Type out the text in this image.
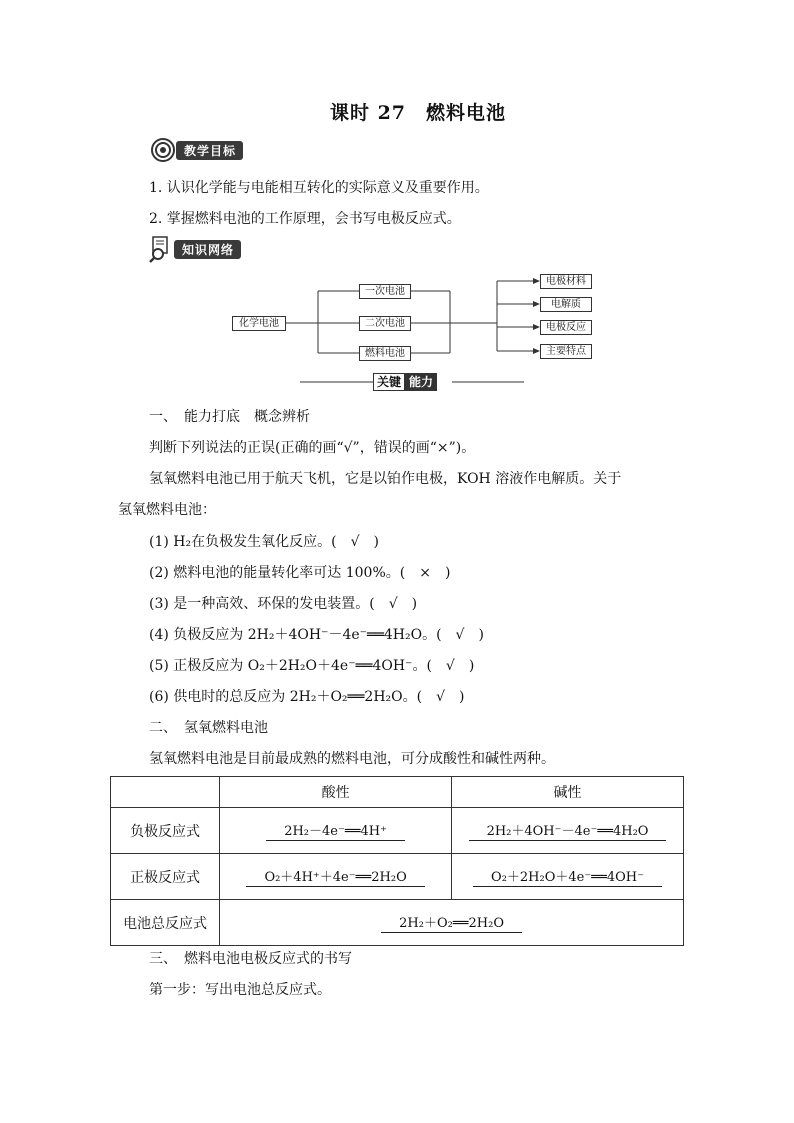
课时 27　燃料电池
教学目标
1. 认识化学能与电能相互转化的实际意义及重要作用。
2. 掌握燃料电池的工作原理，会书写电极反应式。
知识网络
化学电池
一次电池
二次电池
燃料电池
电极材料
电解质
电极反应
主要特点
关键 能力
一、　能力打底　概念辨析
判断下列说法的正误(正确的画“√”，错误的画“×”)。
氢氧燃料电池已用于航天飞机，它是以铂作电极，KOH 溶液作电解质。关于
氢氧燃料电池：
(1) H₂在负极发生氧化反应。(　√　)
(2) 燃料电池的能量转化率可达 100%。(　×　)
(3) 是一种高效、环保的发电装置。(　√　)
(4) 负极反应为 2H₂＋4OH⁻－4e⁻══4H₂O。(　√　)
(5) 正极反应为 O₂＋2H₂O＋4e⁻══4OH⁻。(　√　)
(6) 供电时的总反应为 2H₂＋O₂══2H₂O。(　√　)
二、　氢氧燃料电池
氢氧燃料电池是目前最成熟的燃料电池，可分成酸性和碱性两种。
	酸性	碱性
负极反应式	2H₂－4e⁻══4H⁺	2H₂＋4OH⁻－4e⁻══4H₂O
正极反应式	O₂＋4H⁺＋4e⁻══2H₂O	O₂＋2H₂O＋4e⁻══4OH⁻
电池总反应式	2H₂＋O₂══2H₂O	
三、　燃料电池电极反应式的书写
第一步：写出电池总反应式。
